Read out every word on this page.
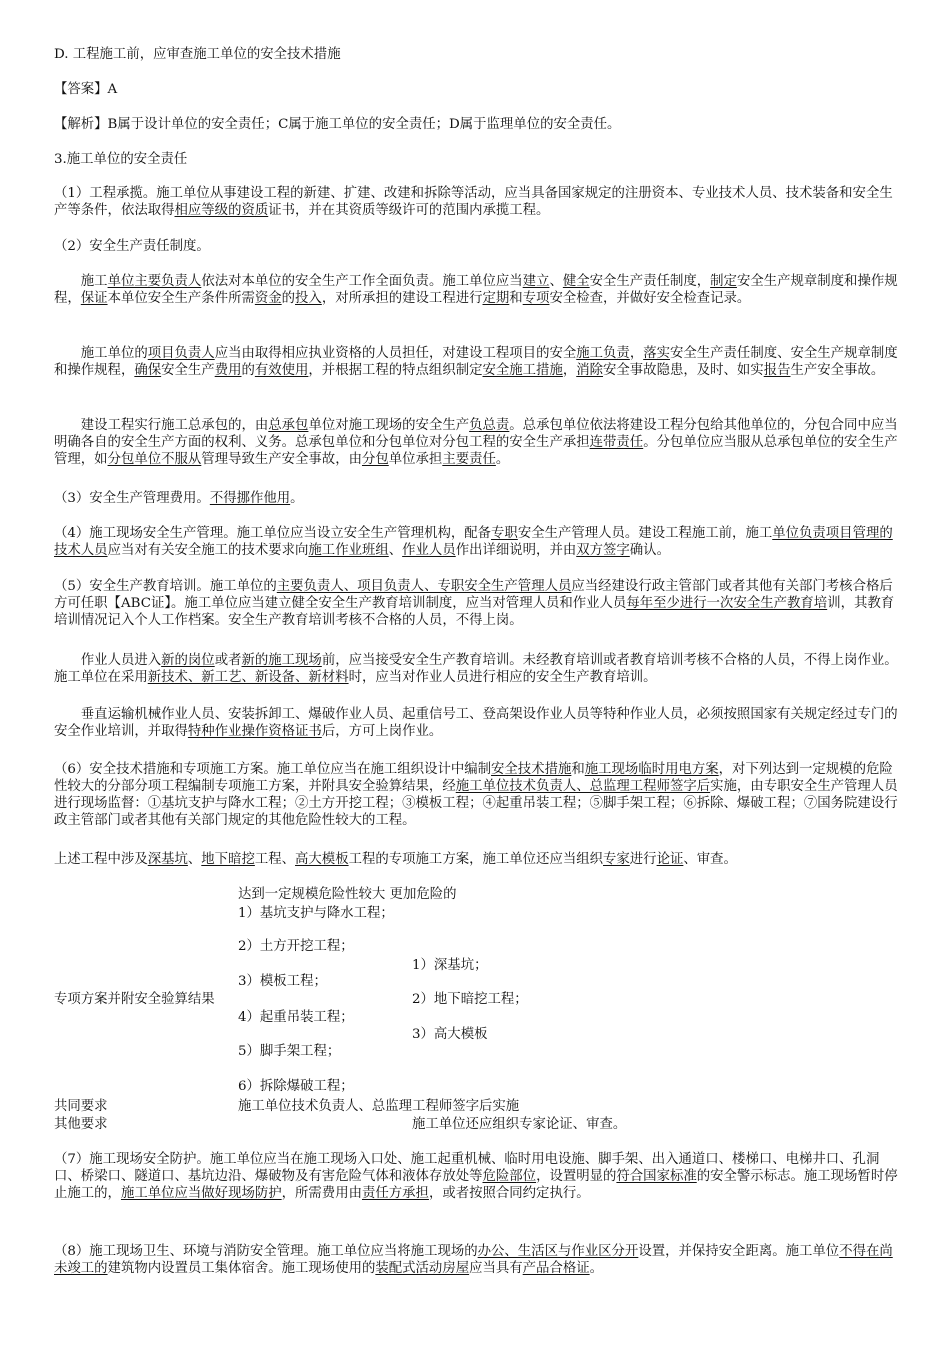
D. 工程施工前，应审查施工单位的安全技术措施

【答案】A

【解析】B属于设计单位的安全责任；C属于施工单位的安全责任；D属于监理单位的安全责任。

3.施工单位的安全责任

（1）工程承揽。施工单位从事建设工程的新建、扩建、改建和拆除等活动，应当具备国家规定的注册资本、专业技术人员、技术装备和安全生产等条件，依法取得相应等级的资质证书，并在其资质等级许可的范围内承揽工程。

（2）安全生产责任制度。

施工单位主要负责人依法对本单位的安全生产工作全面负责。施工单位应当建立、健全安全生产责任制度，制定安全生产规章制度和操作规程，保证本单位安全生产条件所需资金的投入，对所承担的建设工程进行定期和专项安全检查，并做好安全检查记录。

施工单位的项目负责人应当由取得相应执业资格的人员担任，对建设工程项目的安全施工负责，落实安全生产责任制度、安全生产规章制度和操作规程，确保安全生产费用的有效使用，并根据工程的特点组织制定安全施工措施，消除安全事故隐患，及时、如实报告生产安全事故。

建设工程实行施工总承包的，由总承包单位对施工现场的安全生产负总责。总承包单位依法将建设工程分包给其他单位的，分包合同中应当明确各自的安全生产方面的权利、义务。总承包单位和分包单位对分包工程的安全生产承担连带责任。分包单位应当服从总承包单位的安全生产管理，如分包单位不服从管理导致生产安全事故，由分包单位承担主要责任。

（3）安全生产管理费用。不得挪作他用。

（4）施工现场安全生产管理。施工单位应当设立安全生产管理机构，配备专职安全生产管理人员。建设工程施工前，施工单位负责项目管理的技术人员应当对有关安全施工的技术要求向施工作业班组、作业人员作出详细说明，并由双方签字确认。

（5）安全生产教育培训。施工单位的主要负责人、项目负责人、专职安全生产管理人员应当经建设行政主管部门或者其他有关部门考核合格后方可任职【ABC证】。施工单位应当建立健全安全生产教育培训制度，应当对管理人员和作业人员每年至少进行一次安全生产教育培训，其教育培训情况记入个人工作档案。安全生产教育培训考核不合格的人员，不得上岗。

作业人员进入新的岗位或者新的施工现场前，应当接受安全生产教育培训。未经教育培训或者教育培训考核不合格的人员，不得上岗作业。施工单位在采用新技术、新工艺、新设备、新材料时，应当对作业人员进行相应的安全生产教育培训。

垂直运输机械作业人员、安装拆卸工、爆破作业人员、起重信号工、登高架设作业人员等特种作业人员，必须按照国家有关规定经过专门的安全作业培训，并取得特种作业操作资格证书后，方可上岗作业。

（6）安全技术措施和专项施工方案。施工单位应当在施工组织设计中编制安全技术措施和施工现场临时用电方案，对下列达到一定规模的危险性较大的分部分项工程编制专项施工方案，并附具安全验算结果，经施工单位技术负责人、总监理工程师签字后实施，由专职安全生产管理人员进行现场监督：①基坑支护与降水工程；②土方开挖工程；③模板工程；④起重吊装工程；⑤脚手架工程；⑥拆除、爆破工程；⑦国务院建设行政主管部门或者其他有关部门规定的其他危险性较大的工程。

上述工程中涉及深基坑、地下暗挖工程、高大模板工程的专项施工方案，施工单位还应当组织专家进行论证、审查。

达到一定规模危险性较大 更加危险的

1）基坑支护与降水工程；

2）土方开挖工程；

3）模板工程；

4）起重吊装工程；

5）脚手架工程；

6）拆除爆破工程；

1）深基坑；

2）地下暗挖工程；

3）高大模板

专项方案并附安全验算结果

共同要求	施工单位技术负责人、总监理工程师签字后实施

其他要求	施工单位还应组织专家论证、审查。

（7）施工现场安全防护。施工单位应当在施工现场入口处、施工起重机械、临时用电设施、脚手架、出入通道口、楼梯口、电梯井口、孔洞口、桥梁口、隧道口、基坑边沿、爆破物及有害危险气体和液体存放处等危险部位，设置明显的符合国家标准的安全警示标志。施工现场暂时停止施工的，施工单位应当做好现场防护，所需费用由责任方承担，或者按照合同约定执行。

（8）施工现场卫生、环境与消防安全管理。施工单位应当将施工现场的办公、生活区与作业区分开设置，并保持安全距离。施工单位不得在尚未竣工的建筑物内设置员工集体宿舍。施工现场使用的装配式活动房屋应当具有产品合格证。
